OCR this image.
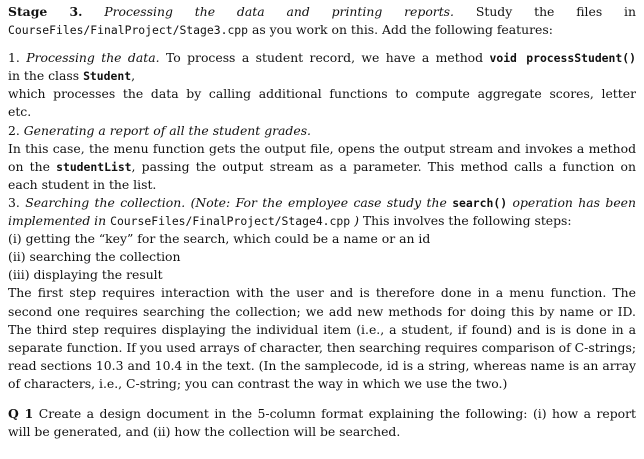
Stage 3. Processing the data and printing reports. Study the files in
CourseFiles/FinalProject/Stage3.cpp as you work on this. Add the following features:
1. Processing the data. To process a student record, we have a method void processStudent()
in the class Student,
which processes the data by calling additional functions to compute aggregate scores, letter
etc.
2. Generating a report of all the student grades.
In this case, the menu function gets the output file, opens the output stream and invokes a method
on the studentList, passing the output stream as a parameter. This method calls a function on
each student in the list.
3. Searching the collection. (Note: For the employee case study the search() operation has been
implemented in CourseFiles/FinalProject/Stage4.cpp ) This involves the following steps:
(i) getting the “key” for the search, which could be a name or an id
(ii) searching the collection
(iii) displaying the result
The first step requires interaction with the user and is therefore done in a menu function. The
second one requires searching the collection; we add new methods for doing this by name or ID.
The third step requires displaying the individual item (i.e., a student, if found) and is is done in a
separate function. If you used arrays of character, then searching requires comparison of C-strings;
read sections 10.3 and 10.4 in the text. (In the samplecode, id is a string, whereas name is an array
of characters, i.e., C-string; you can contrast the way in which we use the two.)
Q 1 Create a design document in the 5-column format explaining the following: (i) how a report
will be generated, and (ii) how the collection will be searched.
